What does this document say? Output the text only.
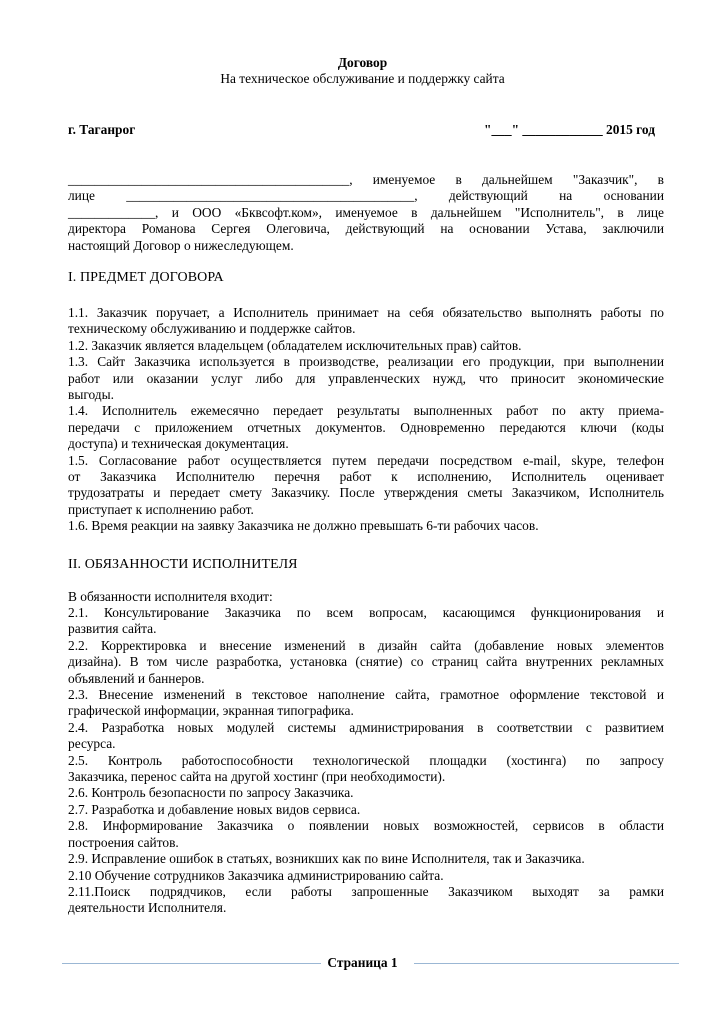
Договор
На техническое обслуживание и поддержку сайта
г. Таганрог	"___" ____________ 2015 год
__________________________________________, именуемое в дальнейшем "Заказчик", в
лице ___________________________________________, действующий на основании
_____________, и ООО «Бквсофт.ком», именуемое в дальнейшем "Исполнитель", в лице
директора Романова Сергея Олеговича, действующий на основании Устава, заключили
настоящий Договор о нижеследующем.
I. ПРЕДМЕТ ДОГОВОРА
1.1. Заказчик поручает, а Исполнитель принимает на себя обязательство выполнять работы по
техническому обслуживанию и поддержке сайтов.
1.2. Заказчик является владельцем (обладателем исключительных прав) сайтов.
1.3. Сайт Заказчика используется в производстве, реализации его продукции, при выполнении
работ или оказании услуг либо для управленческих нужд, что приносит экономические
выгоды.
1.4. Исполнитель ежемесячно передает результаты выполненных работ по акту приема-
передачи с приложением отчетных документов. Одновременно передаются ключи (коды
доступа) и техническая документация.
1.5. Согласование работ осуществляется путем передачи посредством e-mail, skype, телефон
от Заказчика Исполнителю перечня работ к исполнению, Исполнитель оценивает
трудозатраты и передает смету Заказчику. После утверждения сметы Заказчиком, Исполнитель
приступает к исполнению работ.
1.6. Время реакции на заявку Заказчика не должно превышать 6-ти рабочих часов.
II. ОБЯЗАННОСТИ ИСПОЛНИТЕЛЯ
В обязанности исполнителя входит:
2.1. Консультирование Заказчика по всем вопросам, касающимся функционирования и
развития сайта.
2.2. Корректировка и внесение изменений в дизайн сайта (добавление новых элементов
дизайна). В том числе разработка, установка (снятие) со страниц сайта внутренних рекламных
объявлений и баннеров.
2.3. Внесение изменений в текстовое наполнение сайта, грамотное оформление текстовой и
графической информации, экранная типографика.
2.4. Разработка новых модулей системы администрирования в соответствии с развитием
ресурса.
2.5. Контроль работоспособности технологической площадки (хостинга) по запросу
Заказчика, перенос сайта на другой хостинг (при необходимости).
2.6. Контроль безопасности по запросу Заказчика.
2.7. Разработка и добавление новых видов сервиса.
2.8. Информирование Заказчика о появлении новых возможностей, сервисов в области
построения сайтов.
2.9. Исправление ошибок в статьях, возникших как по вине Исполнителя, так и Заказчика.
2.10 Обучение сотрудников Заказчика администрированию сайта.
2.11.Поиск подрядчиков, если работы запрошенные Заказчиком выходят за рамки
деятельности Исполнителя.
Страница 1
